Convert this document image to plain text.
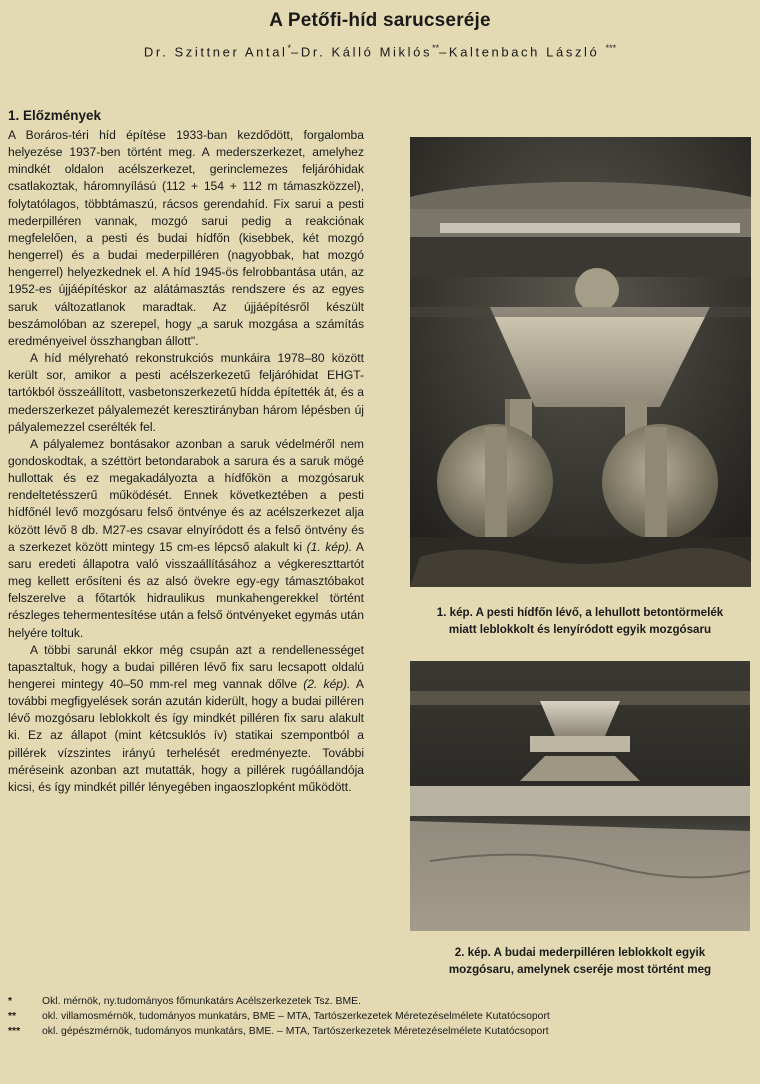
A Petőfi-híd sarucseréje
Dr. Szittner Antal*–Dr. Kálló Miklós**–Kaltenbach László ***
1. Előzmények

A Boráros-téri híd építése 1933-ban kezdődött, forgalomba helyezése 1937-ben történt meg. A mederszerkezet, amelyhez mindkét oldalon acélszerkezet, gerinclemezes feljáróhidak csatlakoztak, háromnyílású (112 + 154 + 112 m támaszközzel), folytatólagos, többtámaszú, rácsos gerendahíd. Fix sarui a pesti mederpilléren vannak, mozgó sarui pedig a reakciónak megfelelően, a pesti és budai hídfőn (kisebbek, két mozgó hengerrel) és a budai mederpilléren (nagyobbak, hat mozgó hengerrel) helyezkednek el. A híd 1945-ös felrobbantása után, az 1952-es újjáépítéskor az alátámasztás rendszere és az egyes saruk változatlanok maradtak. Az újjáépítésről készült beszámolóban az szerepel, hogy „a saruk mozgása a számítás eredményeivel összhangban állott".

A híd mélyreható rekonstrukciós munkáira 1978–80 között került sor, amikor a pesti acélszerkezetű feljáróhidat EHGT-tartókból összeállított, vasbetonszerkezetű hídda építették át, és a mederszerkezet pályalemezét keresztirányban három lépésben új pályalemezzel cserélték fel.

A pályalemez bontásakor azonban a saruk védelméről nem gondoskodtak, a széttört betondarabok a sarura és a saruk mögé hullottak és ez megakadályozta a hídfőkön a mozgósaruk rendeltetésszerű működését. Ennek következtében a pesti hídfőnél levő mozgósaru felső öntvénye és az acélszerkezet alja között lévő 8 db. M27-es csavar elnyíródott és a felső öntvény és a szerkezet között mintegy 15 cm-es lépcső alakult ki (1. kép). A saru eredeti állapotra való visszaállításához a végkereszttartót meg kellett erősíteni és az alsó övekre egy-egy támasztóbakot felszerelve a főtartók hidraulikus munkahengerekkel történt részleges tehermentesítése után a felső öntvényeket egymás után helyére toltuk.

A többi sarunál ekkor még csupán azt a rendellenességet tapasztaltuk, hogy a budai pilléren lévő fix saru lecsapott oldalú hengerei mintegy 40–50 mm-rel meg vannak dőlve (2. kép). A további megfigyelések során azután kiderült, hogy a budai pilléren lévő mozgósaru leblokkolt és így mindkét pilléren fix saru alakult ki. Ez az állapot (mint kétcsuklós ív) statikai szempontból a pillérek vízszintes irányú terhelését eredményezte. További méréseink azonban azt mutatták, hogy a pillérek rugóállandója kicsi, és így mindkét pillér lényegében ingaoszlopként működött.

1. kép. A pesti hídfőn lévő, a lehullott betontörmelék
miatt leblokkolt és lenyíródott egyik mozgósaru
2. kép. A budai mederpilléren leblokkolt egyik
mozgósaru, amelynek cseréje most történt meg
*	Okl. mérnök, ny.tudományos főmunkatárs Acélszerkezetek Tsz. BME.
**	okl. villamosmérnök, tudományos munkatárs, BME – MTA, Tartószerkezetek Méretezéselmélete Kutatócsoport
***	okl. gépészmérnök, tudományos munkatárs, BME. – MTA, Tartószerkezetek Méretezéselmélete Kutatócsoport
